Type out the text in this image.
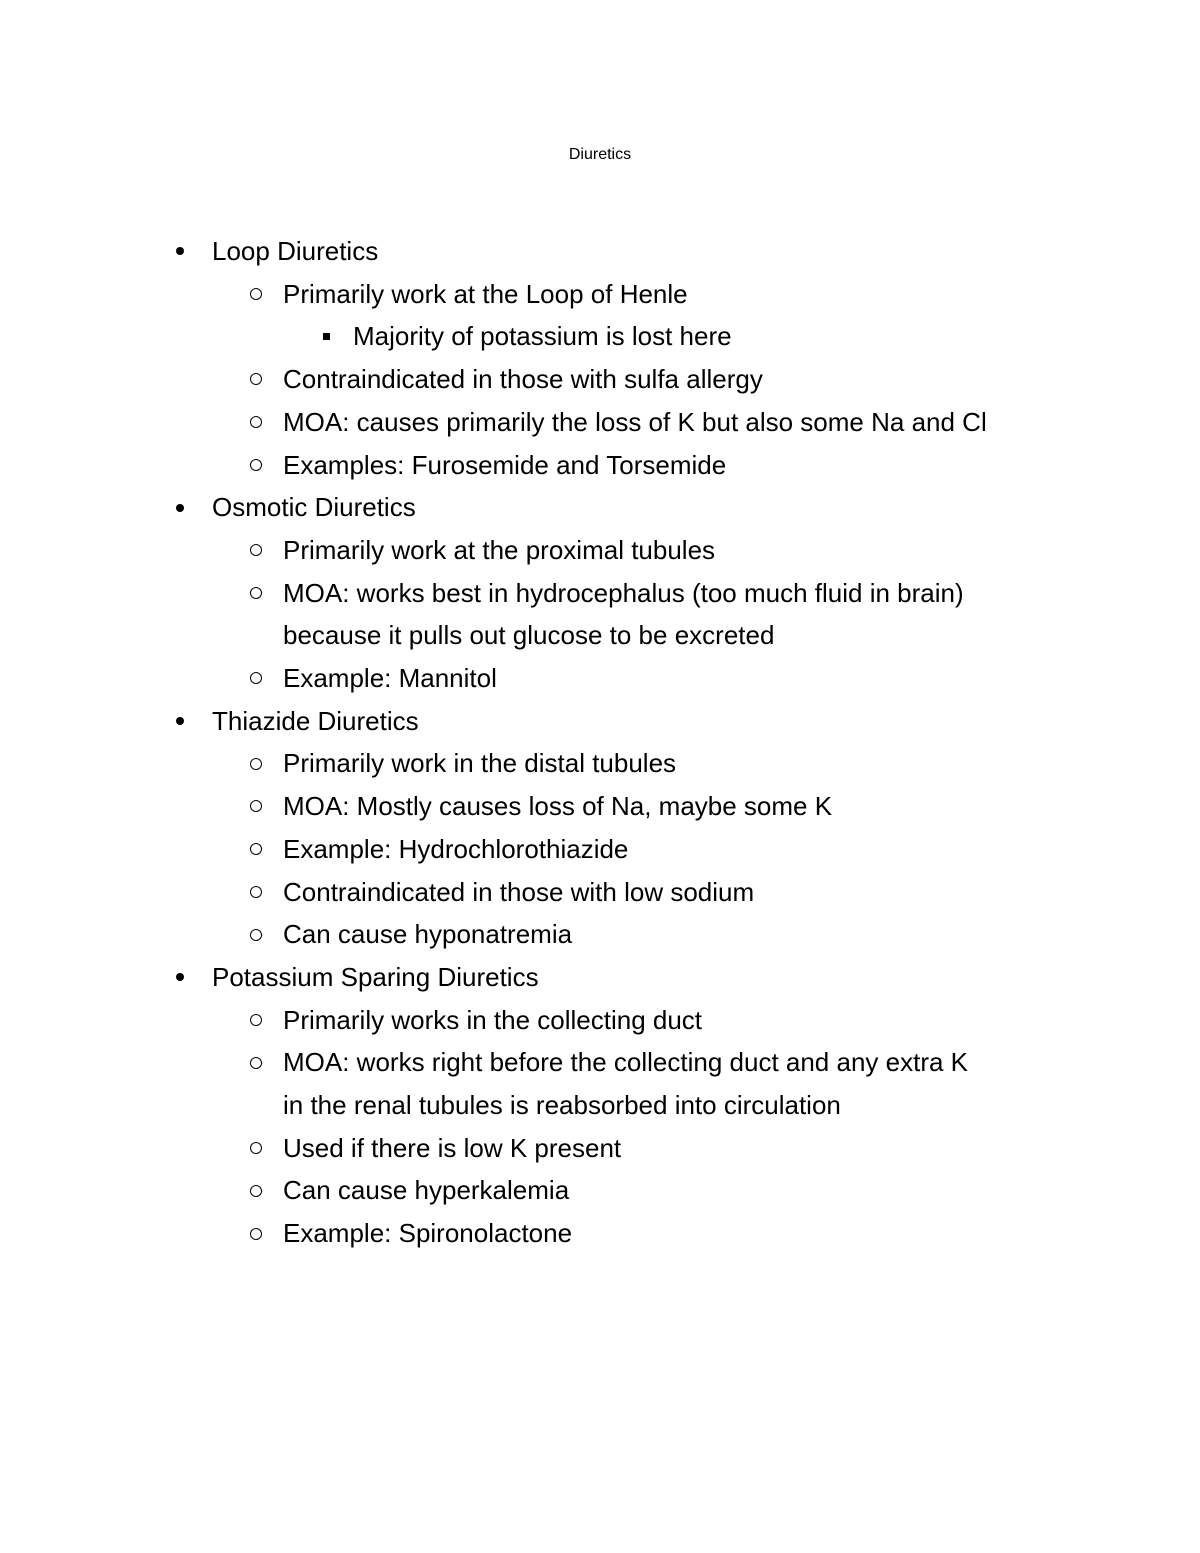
Diuretics
Loop Diuretics
Primarily work at the Loop of Henle
Majority of potassium is lost here
Contraindicated in those with sulfa allergy
MOA: causes primarily the loss of K but also some Na and Cl
Examples: Furosemide and Torsemide
Osmotic Diuretics
Primarily work at the proximal tubules
MOA: works best in hydrocephalus (too much fluid in brain)
because it pulls out glucose to be excreted
Example: Mannitol
Thiazide Diuretics
Primarily work in the distal tubules
MOA: Mostly causes loss of Na, maybe some K
Example: Hydrochlorothiazide
Contraindicated in those with low sodium
Can cause hyponatremia
Potassium Sparing Diuretics
Primarily works in the collecting duct
MOA: works right before the collecting duct and any extra K
in the renal tubules is reabsorbed into circulation
Used if there is low K present
Can cause hyperkalemia
Example: Spironolactone
